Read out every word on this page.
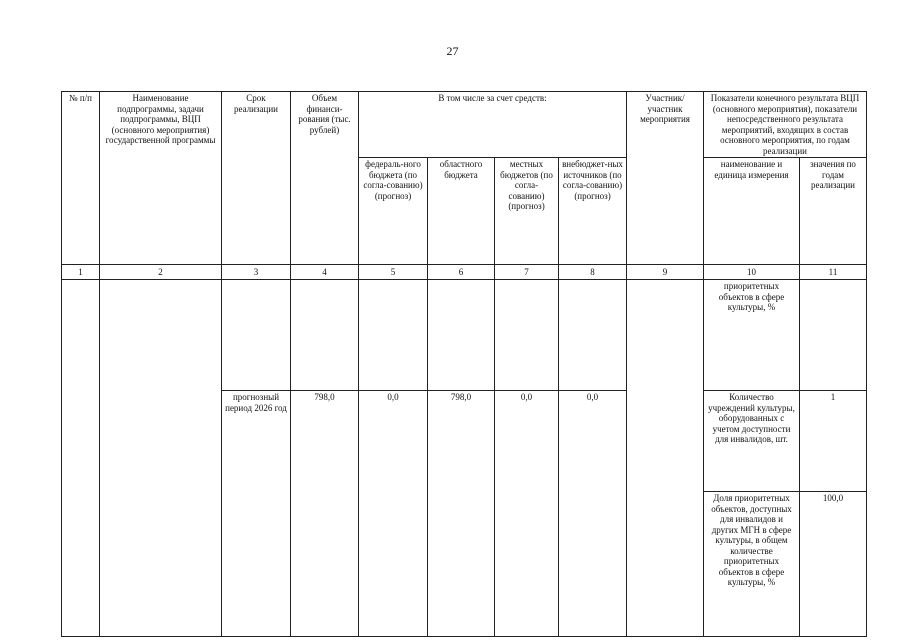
27
№ п/п	Наименование подпрограммы, задачи подпрограммы, ВЦП (основного мероприятия) государственной программы	Срок реализации	Объем финанси-рования (тыс. рублей)	В том числе за счет средств:				Участник/ участник мероприятия	Показатели конечного результата ВЦП (основного мероприятия), показатели непосредственного результата мероприятий, входящих в состав основного мероприятия, по годам реализации	
				федераль-ного бюджета (по согла-сованию) (прогноз)	областного бюджета	местных бюджетов (по согла-сованию) (прогноз)	внебюджет-ных источников (по согла-сованию) (прогноз)		наименование и единица измерения	значения по годам реализации
1	2	3	4	5	6	7	8	9	10	11
									приоритетных объектов в сфере культуры, %	
		прогнозный период 2026 год	798,0	0,0	798,0	0,0	0,0		Количество учреждений культуры, оборудованных с учетом доступности для инвалидов, шт.	1
									Доля приоритетных объектов, доступных для инвалидов и других МГН в сфере культуры, в общем количестве приоритетных объектов в сфере культуры, %	100,0
